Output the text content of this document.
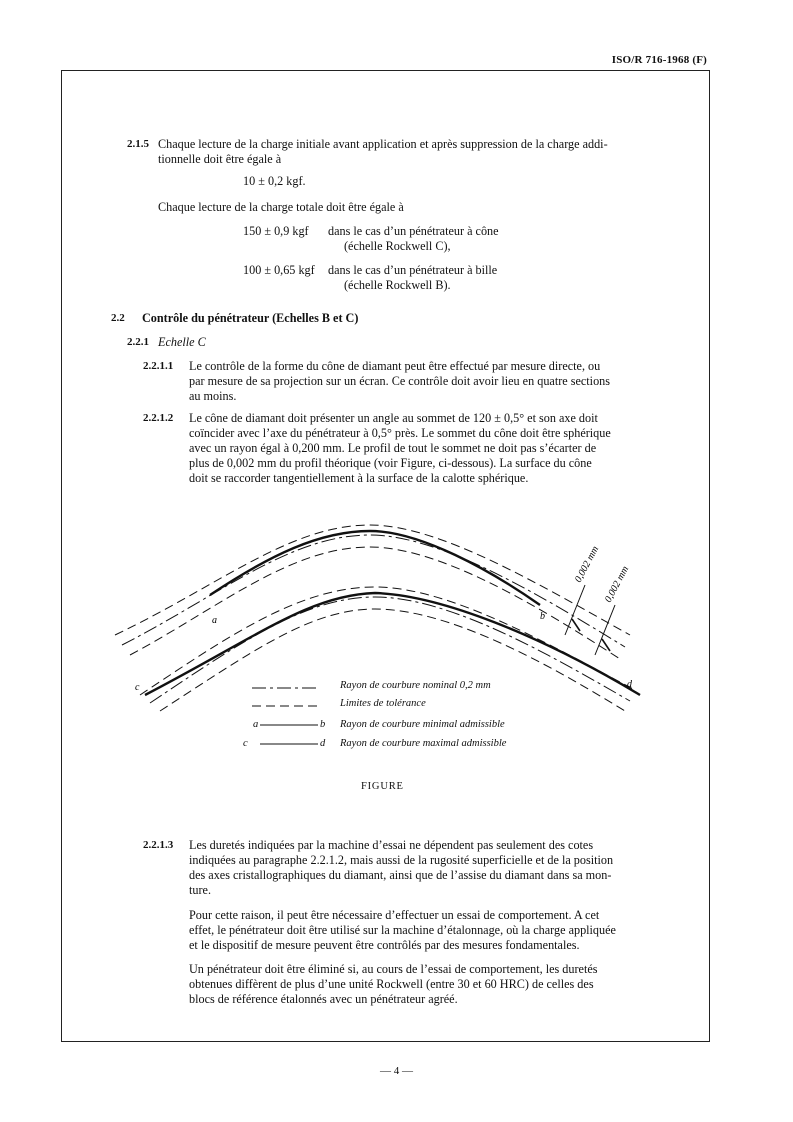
ISO/R 716-1968 (F)
2.1.5 Chaque lecture de la charge initiale avant application et après suppression de la charge addi-
tionnelle doit être égale à
10 ± 0,2 kgf.
Chaque lecture de la charge totale doit être égale à
150 ± 0,9 kgf dans le cas d’un pénétrateur à cône
(échelle Rockwell C),
100 ± 0,65 kgf dans le cas d’un pénétrateur à bille
(échelle Rockwell B).
2.2 Contrôle du pénétrateur (Echelles B et C)
2.2.1 Echelle C
2.2.1.1 Le contrôle de la forme du cône de diamant peut être effectué par mesure directe, ou
par mesure de sa projection sur un écran. Ce contrôle doit avoir lieu en quatre sections
au moins.
2.2.1.2 Le cône de diamant doit présenter un angle au sommet de 120 ± 0,5° et son axe doit
coïncider avec l’axe du pénétrateur à 0,5° près. Le sommet du cône doit être sphérique
avec un rayon égal à 0,200 mm. Le profil de tout le sommet ne doit pas s’écarter de
plus de 0,002 mm du profil théorique (voir Figure, ci-dessous). La surface du cône
doit se raccorder tangentiellement à la surface de la calotte sphérique.
0,002 mm
0,002 mm
a	b
c	d
a	b
c	d
Rayon de courbure nominal 0,2 mm
Limites de tolérance
Rayon de courbure minimal admissible
Rayon de courbure maximal admissible
FIGURE
2.2.1.3 Les duretés indiquées par la machine d’essai ne dépendent pas seulement des cotes
indiquées au paragraphe 2.2.1.2, mais aussi de la rugosité superficielle et de la position
des axes cristallographiques du diamant, ainsi que de l’assise du diamant dans sa mon-
ture.
Pour cette raison, il peut être nécessaire d’effectuer un essai de comportement. A cet
effet, le pénétrateur doit être utilisé sur la machine d’étalonnage, où la charge appliquée
et le dispositif de mesure peuvent être contrôlés par des mesures fondamentales.
Un pénétrateur doit être éliminé si, au cours de l’essai de comportement, les duretés
obtenues diffèrent de plus d’une unité Rockwell (entre 30 et 60 HRC) de celles des
blocs de référence étalonnés avec un pénétrateur agréé.
— 4 —
